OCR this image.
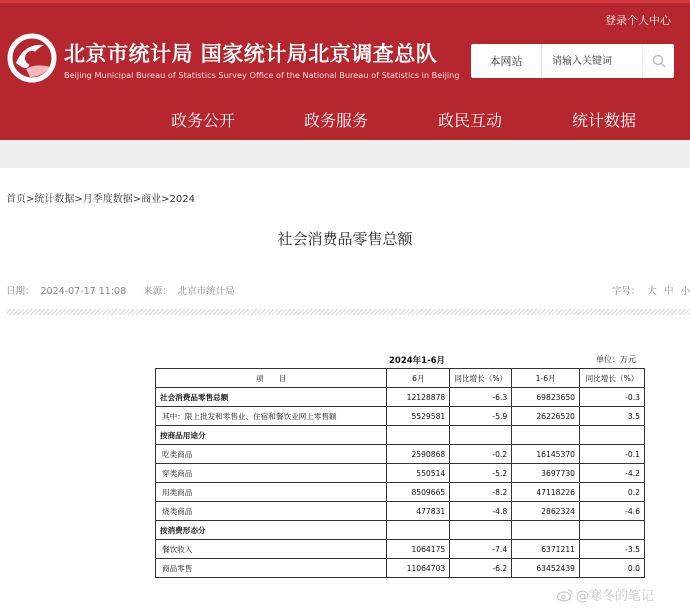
登录个人中心
北京市统计局 国家统计局北京调查总队
Beijing Municipal Bureau of Statistics Survey Office of the National Bureau of Statistics in Beijing
本网站
请输入关键词
政务公开	政务服务	政民互动	统计数据
首页>统计数据>月季度数据>商业>2024
社会消费品零售总额
日期： 2024-07-17 11:08 来源： 北京市统计局	字号： 大 中 小
2024年1-6月	单位：万元
项　　目	6月	同比增长（%）	1-6月	同比增长（%）
社会消费品零售总额	12128878	-6.3	69823650	-0.3
其中：限上批发和零售业、住宿和餐饮业网上零售额	5529581	-5.9	26226520	3.5
按商品用途分				
吃类商品	2590868	-0.2	16145370	-0.1
穿类商品	550514	-5.2	3697730	-4.2
用类商品	8509665	-8.2	47118226	0.2
烧类商品	477831	-4.8	2862324	-4.6
按消费形态分				
餐饮收入	1064175	-7.4	6371211	-3.5
商品零售	11064703	-6.2	63452439	0.0
@寒冬的笔记
